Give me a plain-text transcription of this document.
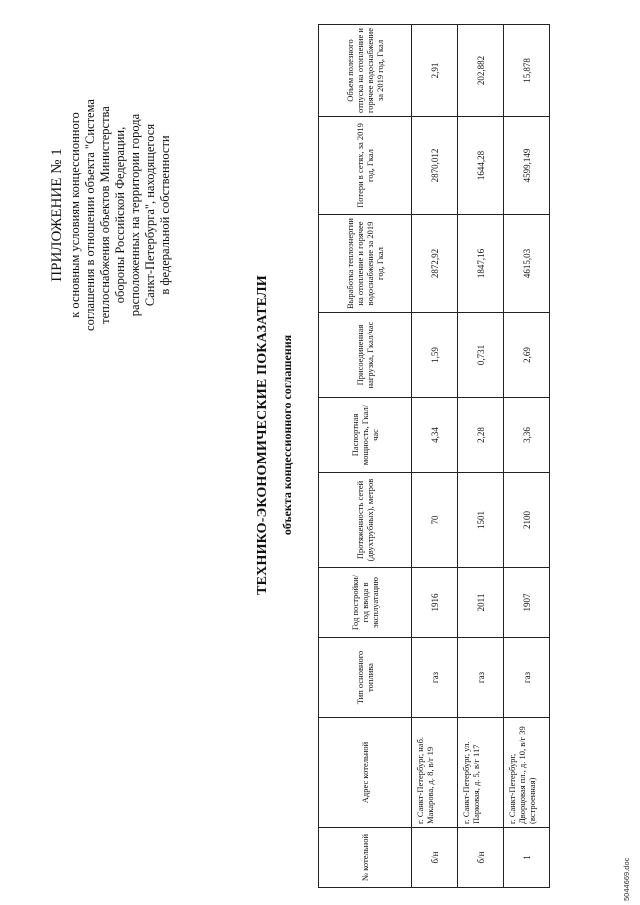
ПРИЛОЖЕНИЕ № 1 к основным условиям концессионного соглашения в отношении объекта "Система теплоснабжения объектов Министерства обороны Российской Федерации, расположенных на территории города Санкт-Петербурга", находящегося в федеральной собственности
ТЕХНИКО-ЭКОНОМИЧЕСКИЕ ПОКАЗАТЕЛИ объекта концессионного соглашения
№ котельной	Адрес котельной	Тип основного топлива	Год постройки/ год ввода в эксплуатацию	Протяженность сетей (двухтрубных), метров	Паспортная мощность, Гкал/час	Присоединенная нагрузка, Гкал/час	Выработка теплоэнергии на отопление и горячее водоснабжение за 2019 год, Гкал	Потери в сетях, за 2019 год, Гкал	Объем полезного отпуска на отопление и горячее водоснабжение за 2019 год, Гкал
б/н	г. Санкт-Петербург, наб. Макарова, д. 8, в/г 19	газ	1916	70	4,34	1,59	2872,92	2870,012	2,91
б/н	г. Санкт-Петербург, ул. Парковая, д. 5, в/г 117	газ	2011	1501	2,28	0,731	1847,16	1644,28	202,882
1	г. Санкт-Петербург, Дворцовая пл., д. 10, в/г 39 (встроенная)	газ	1907	2100	3,36	2,69	4615,03	4599,149	15,878
5044669.doc
